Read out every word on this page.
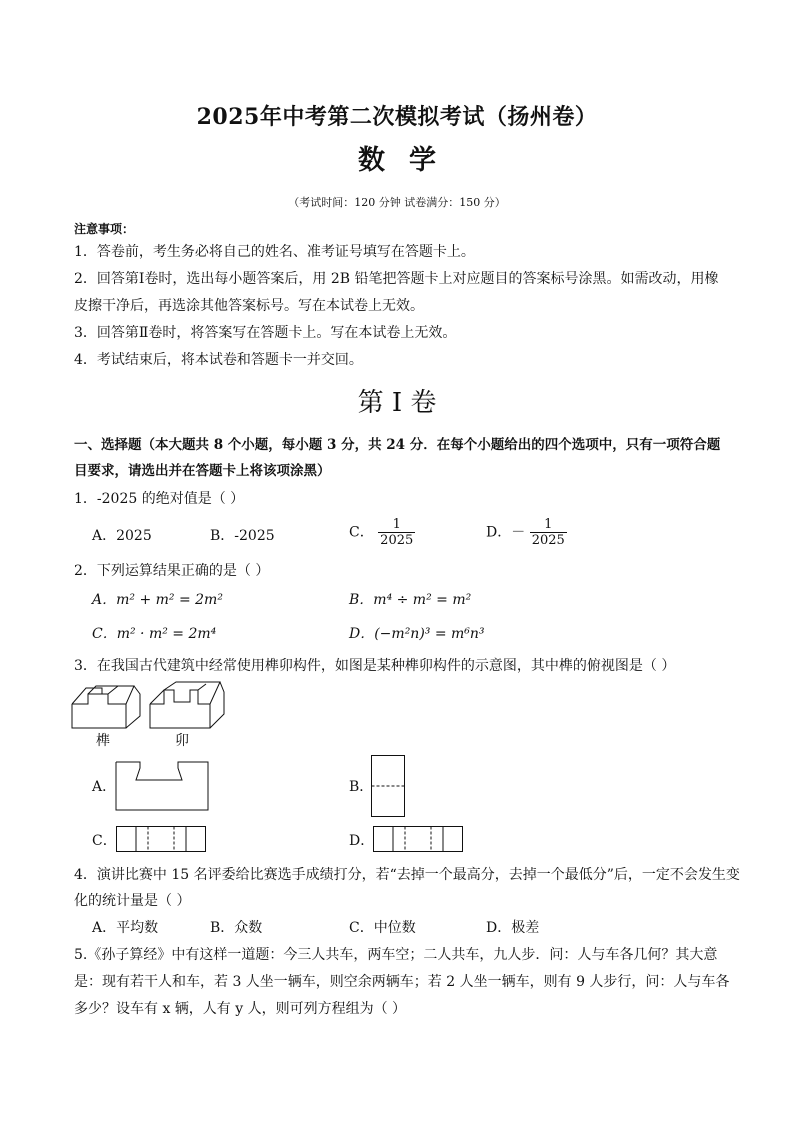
2025年中考第二次模拟考试（扬州卷）
数学
（考试时间：120 分钟 试卷满分：150 分）
注意事项：
1．答卷前，考生务必将自己的姓名、准考证号填写在答题卡上。
2．回答第Ⅰ卷时，选出每小题答案后，用 2B 铅笔把答题卡上对应题目的答案标号涂黑。如需改动，用橡
皮擦干净后，再选涂其他答案标号。写在本试卷上无效。
3．回答第Ⅱ卷时，将答案写在答题卡上。写在本试卷上无效。
4．考试结束后，将本试卷和答题卡一并交回。
第 I 卷
一、选择题（本大题共 8 个小题，每小题 3 分，共 24 分．在每个小题给出的四个选项中，只有一项符合题
目要求，请选出并在答题卡上将该项涂黑）
1．-2025 的绝对值是（ ）
A．2025	B．-2025	C． $\frac{1}{2025}$	D．－ $\frac{1}{2025}$
2．下列运算结果正确的是（ ）
A．m² + m² = 2m²	B．m⁴ ÷ m² = m²
C．m² · m² = 2m⁴	D．(−m²n)³ = m⁶n³
3．在我国古代建筑中经常使用榫卯构件，如图是某种榫卯构件的示意图，其中榫的俯视图是（ ）
榫	卯
A．	B．
C．	D．
4．演讲比赛中 15 名评委给比赛选手成绩打分，若“去掉一个最高分，去掉一个最低分”后，一定不会发生变
化的统计量是（ ）
A．平均数	B．众数	C．中位数	D．极差
5.《孙子算经》中有这样一道题：今三人共车，两车空；二人共车，九人步．问：人与车各几何？其大意
是：现有若干人和车，若 3 人坐一辆车，则空余两辆车；若 2 人坐一辆车，则有 9 人步行，问：人与车各
多少？设车有 x 辆，人有 y 人，则可列方程组为（ ）
